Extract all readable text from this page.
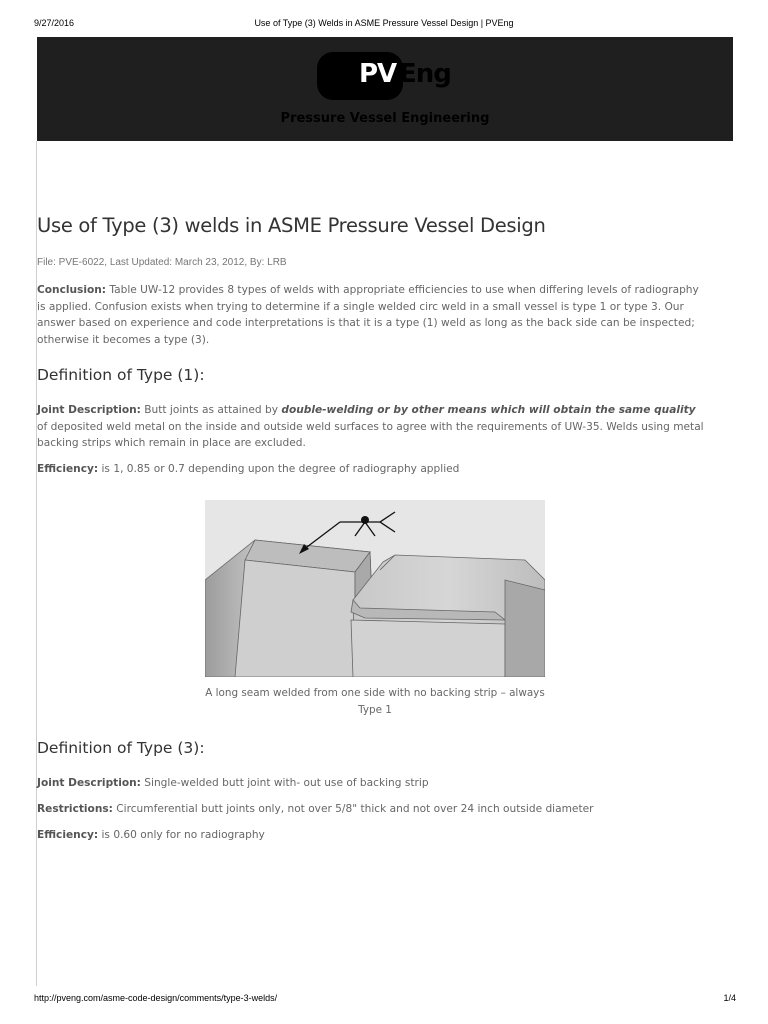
9/27/2016	Use of Type (3) Welds in ASME Pressure Vessel Design | PVEng
PV Eng
Pressure Vessel Engineering
Use of Type (3) welds in ASME Pressure Vessel Design
File: PVE-6022, Last Updated: March 23, 2012, By: LRB
Conclusion: Table UW-12 provides 8 types of welds with appropriate efficiencies to use when differing levels of radiography is applied. Confusion exists when trying to determine if a single welded circ weld in a small vessel is type 1 or type 3. Our answer based on experience and code interpretations is that it is a type (1) weld as long as the back side can be inspected; otherwise it becomes a type (3).
Definition of Type (1):
Joint Description: Butt joints as attained by double-welding or by other means which will obtain the same quality of deposited weld metal on the inside and outside weld surfaces to agree with the requirements of UW-35. Welds using metal backing strips which remain in place are excluded.
Efficiency: is 1, 0.85 or 0.7 depending upon the degree of radiography applied
A long seam welded from one side with no backing strip – always Type 1
Definition of Type (3):
Joint Description: Single-welded butt joint with- out use of backing strip
Restrictions: Circumferential butt joints only, not over 5/8" thick and not over 24 inch outside diameter
Efficiency: is 0.60 only for no radiography
http://pveng.com/asme-code-design/comments/type-3-welds/	1/4
